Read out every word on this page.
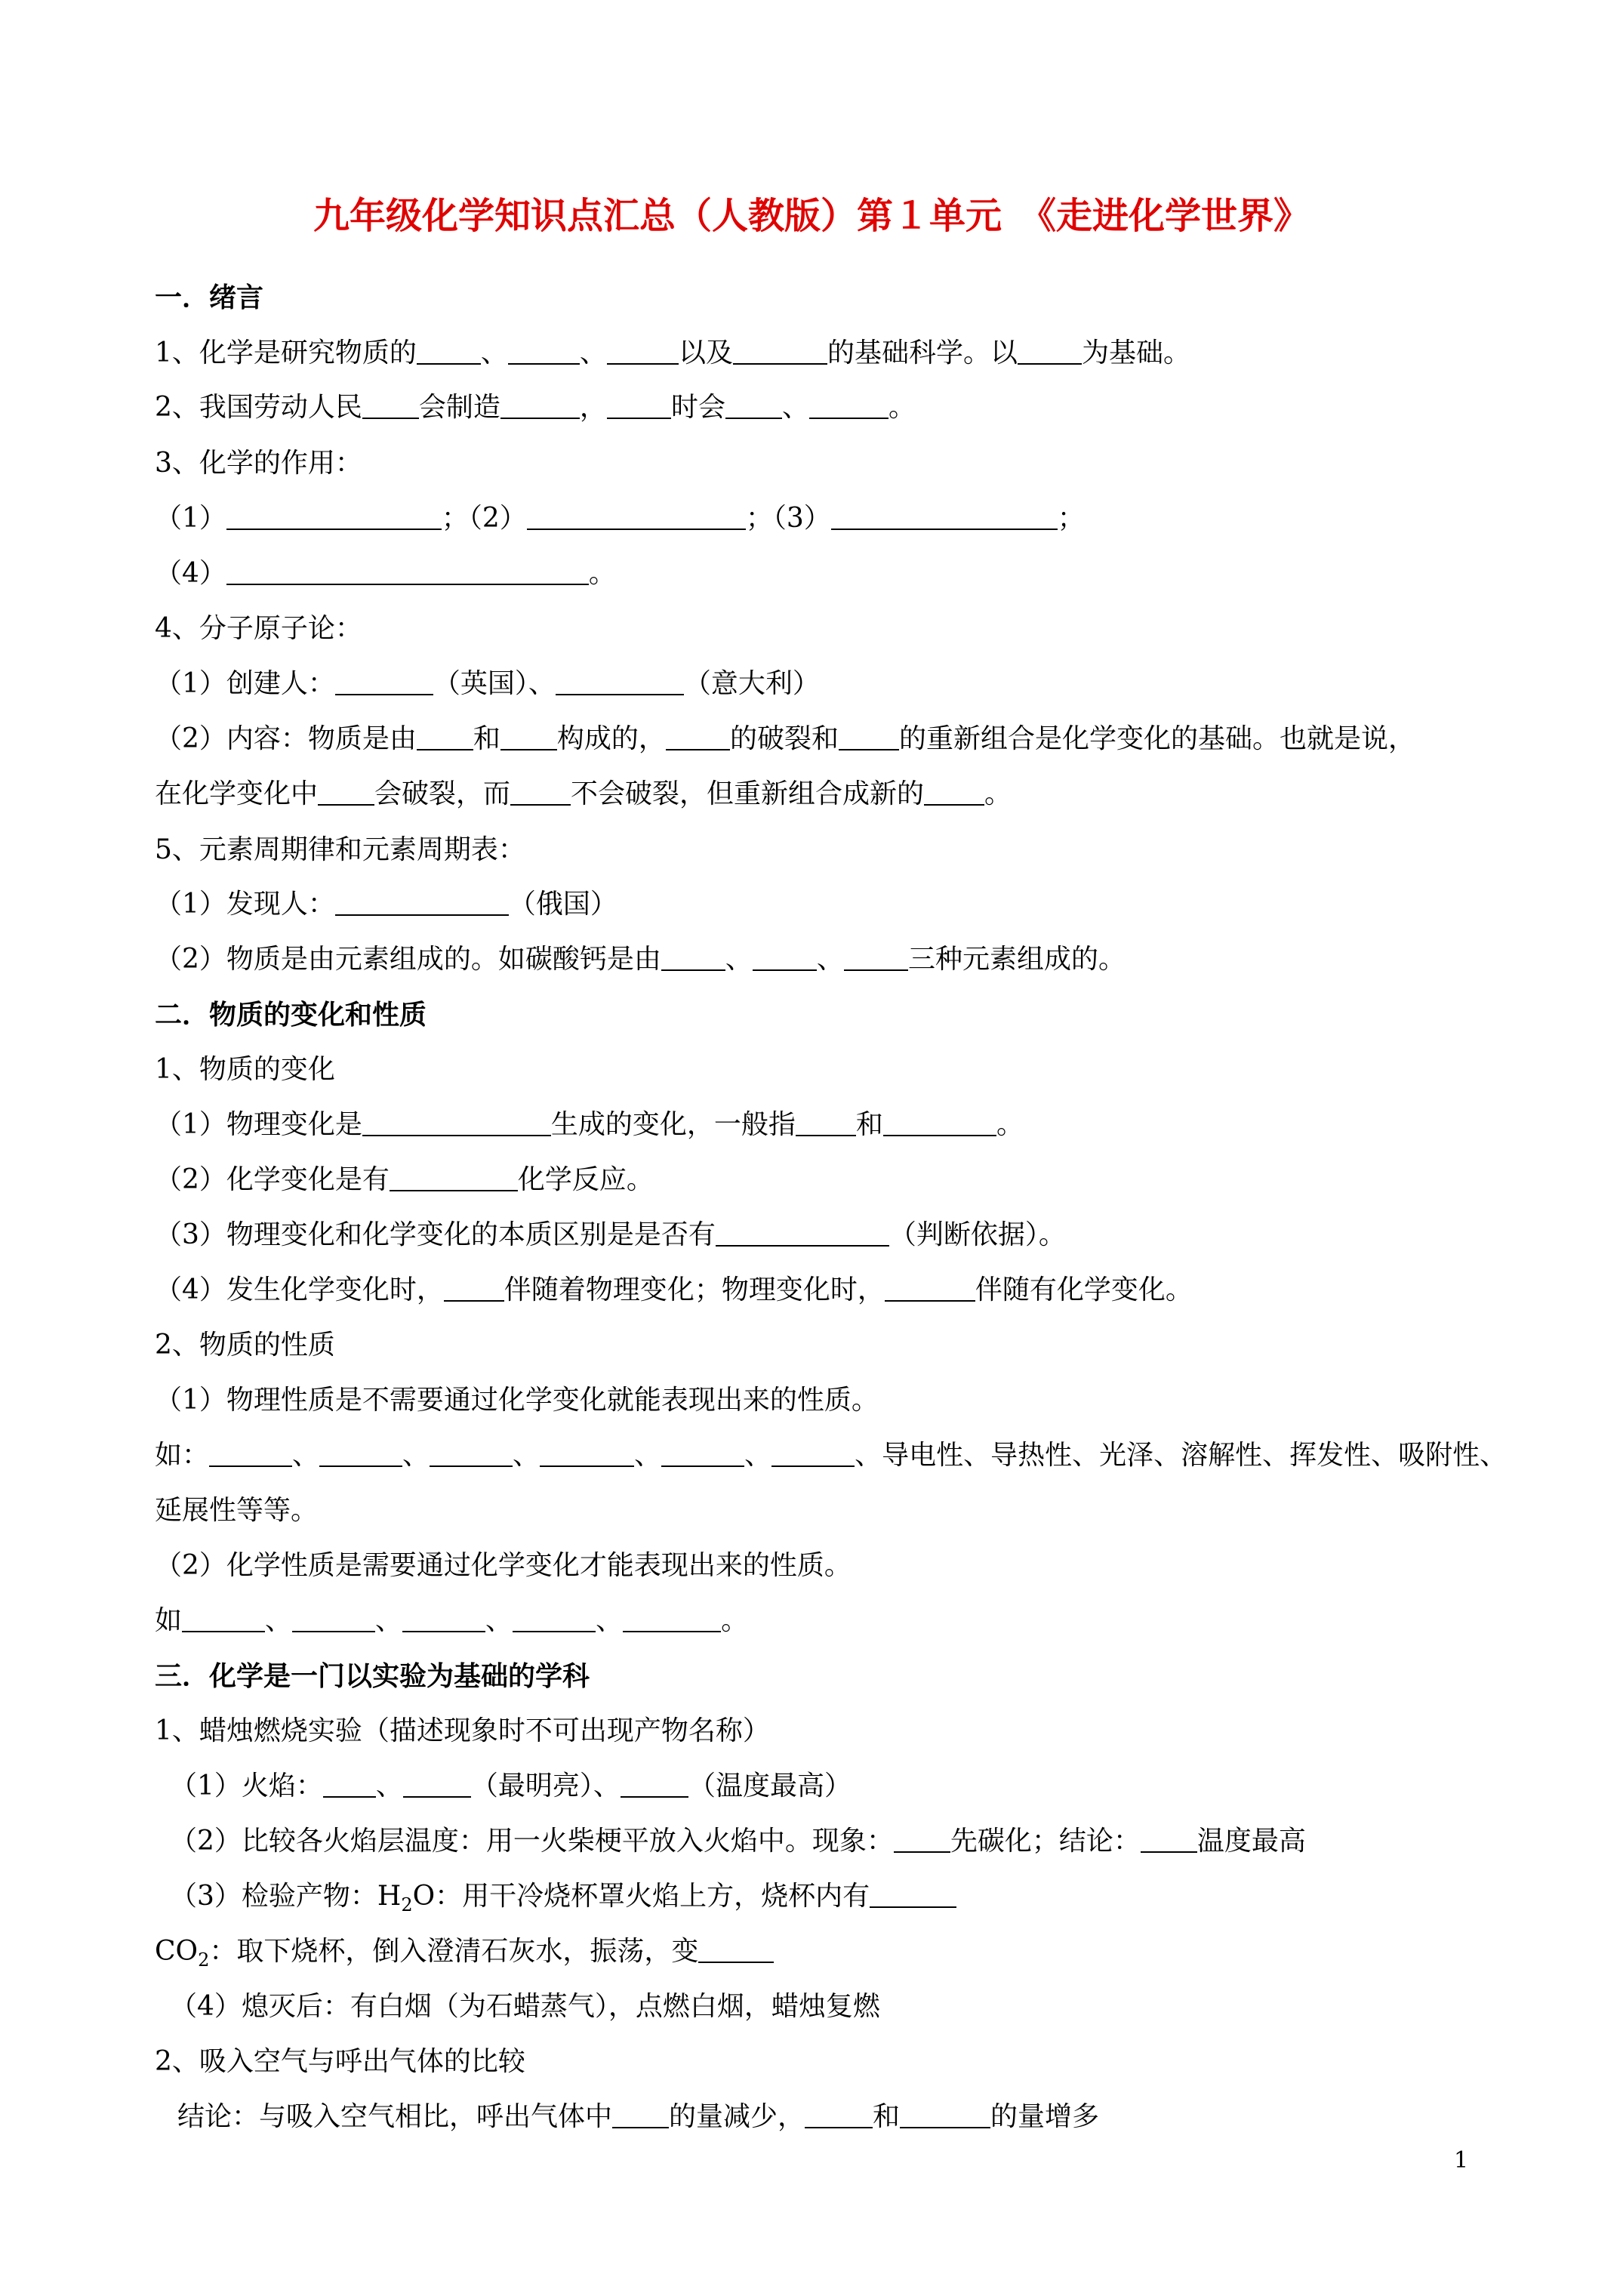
九年级化学知识点汇总（人教版）第１单元　《走进化学世界》
一．绪言
1、化学是研究物质的 、	、	以及	的基础科学。以 为基础。
2、我国劳动人民 会制造	， 时会 、	。
3、化学的作用：
（1）	；（2）	；（3）	；
（4）	。
4、分子原子论：
（1）创建人：	（英国）、	（意大利）
（2）内容：物质是由 和 构成的， 的破裂和 的重新组合是化学变化的基础。也就是说，
在化学变化中 会破裂，而 不会破裂，但重新组合成新的 。
5、元素周期律和元素周期表：
（1）发现人：	（俄国）
（2）物质是由元素组成的。如碳酸钙是由 、 、 三种元素组成的。
二．物质的变化和性质
1、物质的变化
（1）物理变化是	生成的变化，一般指 和	。
（2）化学变化是有	化学反应。
（3）物理变化和化学变化的本质区别是是否有	（判断依据）。
（4）发生化学变化时， 伴随着物理变化；物理变化时，	伴随有化学变化。
2、物质的性质
（1）物理性质是不需要通过化学变化就能表现出来的性质。
如：	、	、	、	、	、	、导电性、导热性、光泽、溶解性、挥发性、吸附性、
延展性等等。
（2）化学性质是需要通过化学变化才能表现出来的性质。
如	、	、	、	、	。
三．化学是一门以实验为基础的学科
1、蜡烛燃烧实验（描述现象时不可出现产物名称）
（1）火焰： 、	（最明亮）、	（温度最高）
（2）比较各火焰层温度：用一火柴梗平放入火焰中。现象： 先碳化；结论： 温度最高
（3）检验产物：$H_2O$：用干冷烧杯罩火焰上方，烧杯内有
$CO_2$：取下烧杯，倒入澄清石灰水，振荡，变
（4）熄灭后：有白烟（为石蜡蒸气），点燃白烟，蜡烛复燃
2、吸入空气与呼出气体的比较
结论：与吸入空气相比，呼出气体中 的量减少，	和	的量增多
1
